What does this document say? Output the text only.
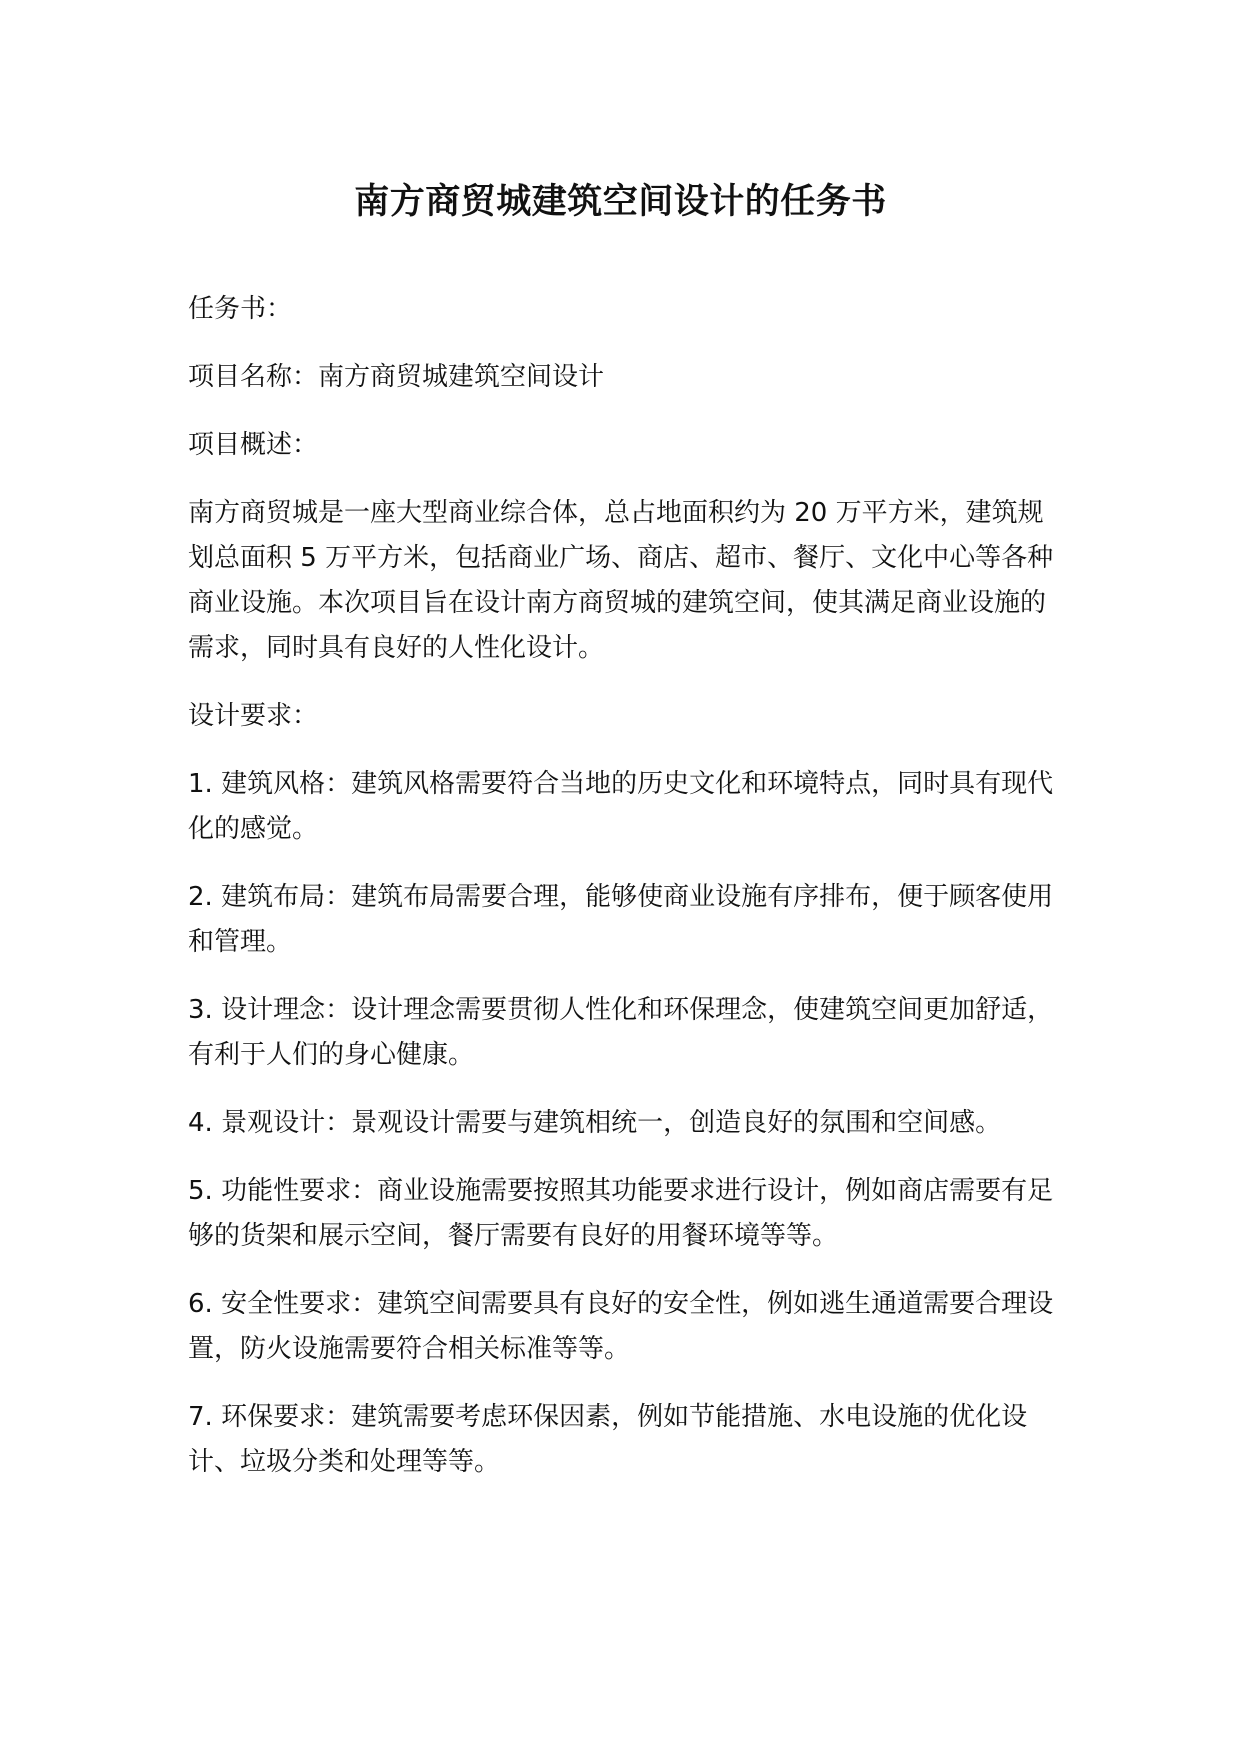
南方商贸城建筑空间设计的任务书

任务书：

项目名称：南方商贸城建筑空间设计

项目概述：

南方商贸城是一座大型商业综合体，总占地面积约为 20 万平方米，建筑规划总面积 5 万平方米，包括商业广场、商店、超市、餐厅、文化中心等各种商业设施。本次项目旨在设计南方商贸城的建筑空间，使其满足商业设施的需求，同时具有良好的人性化设计。

设计要求：

1. 建筑风格：建筑风格需要符合当地的历史文化和环境特点，同时具有现代化的感觉。

2. 建筑布局：建筑布局需要合理，能够使商业设施有序排布，便于顾客使用和管理。

3. 设计理念：设计理念需要贯彻人性化和环保理念，使建筑空间更加舒适，有利于人们的身心健康。

4. 景观设计：景观设计需要与建筑相统一，创造良好的氛围和空间感。

5. 功能性要求：商业设施需要按照其功能要求进行设计，例如商店需要有足够的货架和展示空间，餐厅需要有良好的用餐环境等等。

6. 安全性要求：建筑空间需要具有良好的安全性，例如逃生通道需要合理设置，防火设施需要符合相关标准等等。

7. 环保要求：建筑需要考虑环保因素，例如节能措施、水电设施的优化设计、垃圾分类和处理等等。
